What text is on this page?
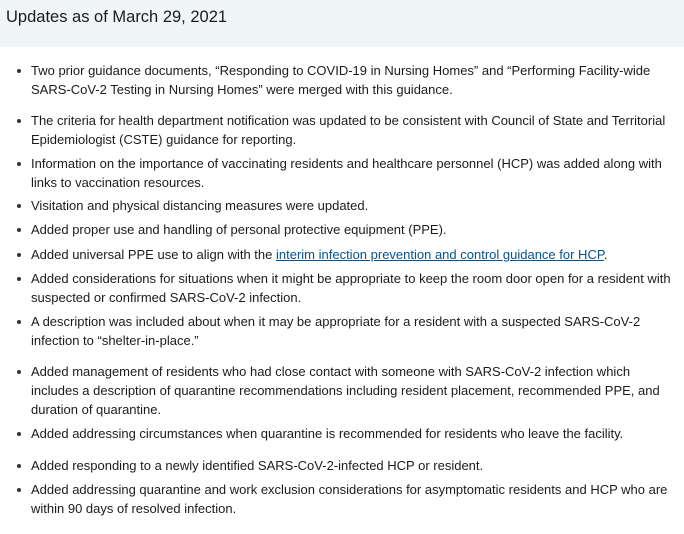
Updates as of March 29, 2021
Two prior guidance documents, “Responding to COVID-19 in Nursing Homes” and “Performing Facility-wide SARS-CoV-2 Testing in Nursing Homes” were merged with this guidance.
The criteria for health department notification was updated to be consistent with Council of State and Territorial Epidemiologist (CSTE) guidance for reporting.
Information on the importance of vaccinating residents and healthcare personnel (HCP) was added along with links to vaccination resources.
Visitation and physical distancing measures were updated.
Added proper use and handling of personal protective equipment (PPE).
Added universal PPE use to align with the interim infection prevention and control guidance for HCP.
Added considerations for situations when it might be appropriate to keep the room door open for a resident with suspected or confirmed SARS-CoV-2 infection.
A description was included about when it may be appropriate for a resident with a suspected SARS-CoV-2 infection to “shelter-in-place.”
Added management of residents who had close contact with someone with SARS-CoV-2 infection which includes a description of quarantine recommendations including resident placement, recommended PPE, and duration of quarantine.
Added addressing circumstances when quarantine is recommended for residents who leave the facility.
Added responding to a newly identified SARS-CoV-2-infected HCP or resident.
Added addressing quarantine and work exclusion considerations for asymptomatic residents and HCP who are within 90 days of resolved infection.
